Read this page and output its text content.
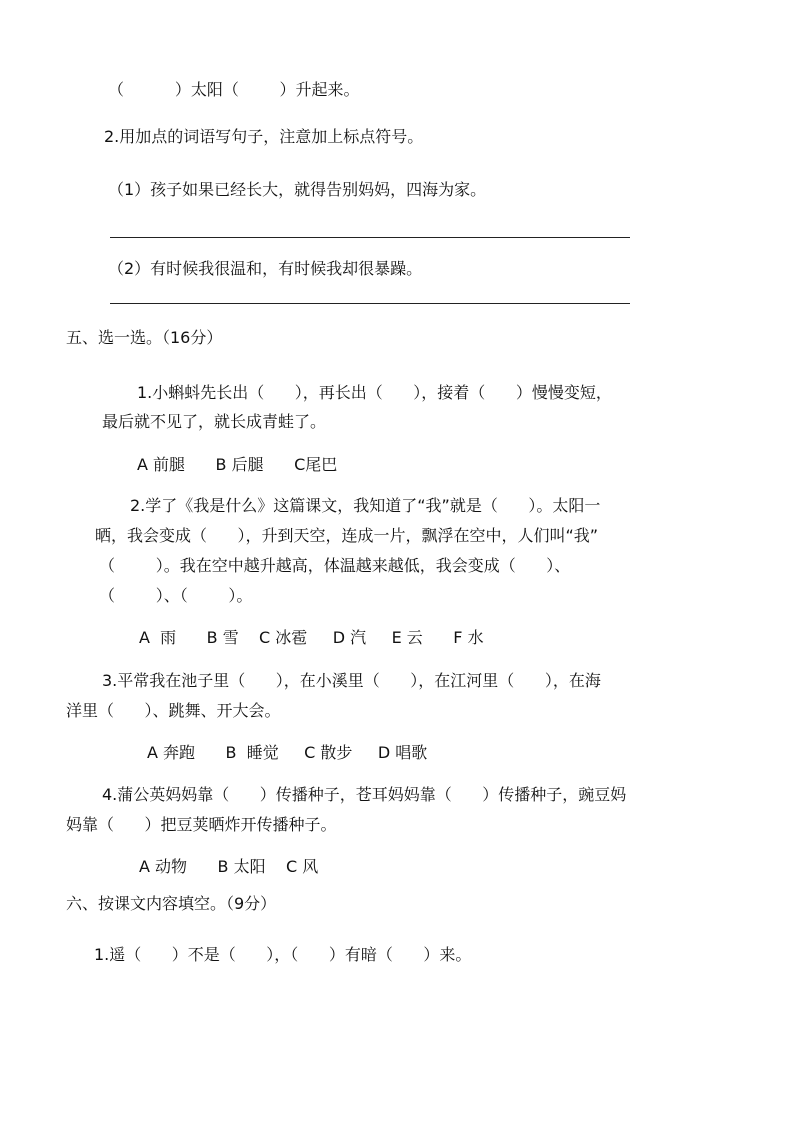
（          ）太阳（        ）升起来。
2.用加点的词语写句子，注意加上标点符号。
（1）孩子如果已经长大，就得告别妈妈，四海为家。
（2）有时候我很温和，有时候我却很暴躁。
五、选一选。（16分）
1.小蝌蚪先长出（      ），再长出（      ），接着（      ）慢慢变短，
最后就不见了，就长成青蛙了。
A 前腿      B 后腿      C尾巴
2.学了《我是什么》这篇课文，我知道了“我”就是（      ）。太阳一
晒，我会变成（      ），升到天空，连成一片，飘浮在空中，人们叫“我”
（        ）。我在空中越升越高，体温越来越低，我会变成（      ）、
（        ）、（        ）。
A  雨      B 雪    C 冰雹     D 汽     E 云      F 水
3.平常我在池子里（      ），在小溪里（      ），在江河里（      ），在海
洋里（      ）、跳舞、开大会。
A 奔跑      B  睡觉     C 散步     D 唱歌
4.蒲公英妈妈靠（      ）传播种子，苍耳妈妈靠（      ）传播种子，豌豆妈
妈靠（      ）把豆荚晒炸开传播种子。
A 动物      B 太阳    C 风
六、按课文内容填空。（9分）
1.遥（      ）不是（      ），（      ）有暗（      ）来。
